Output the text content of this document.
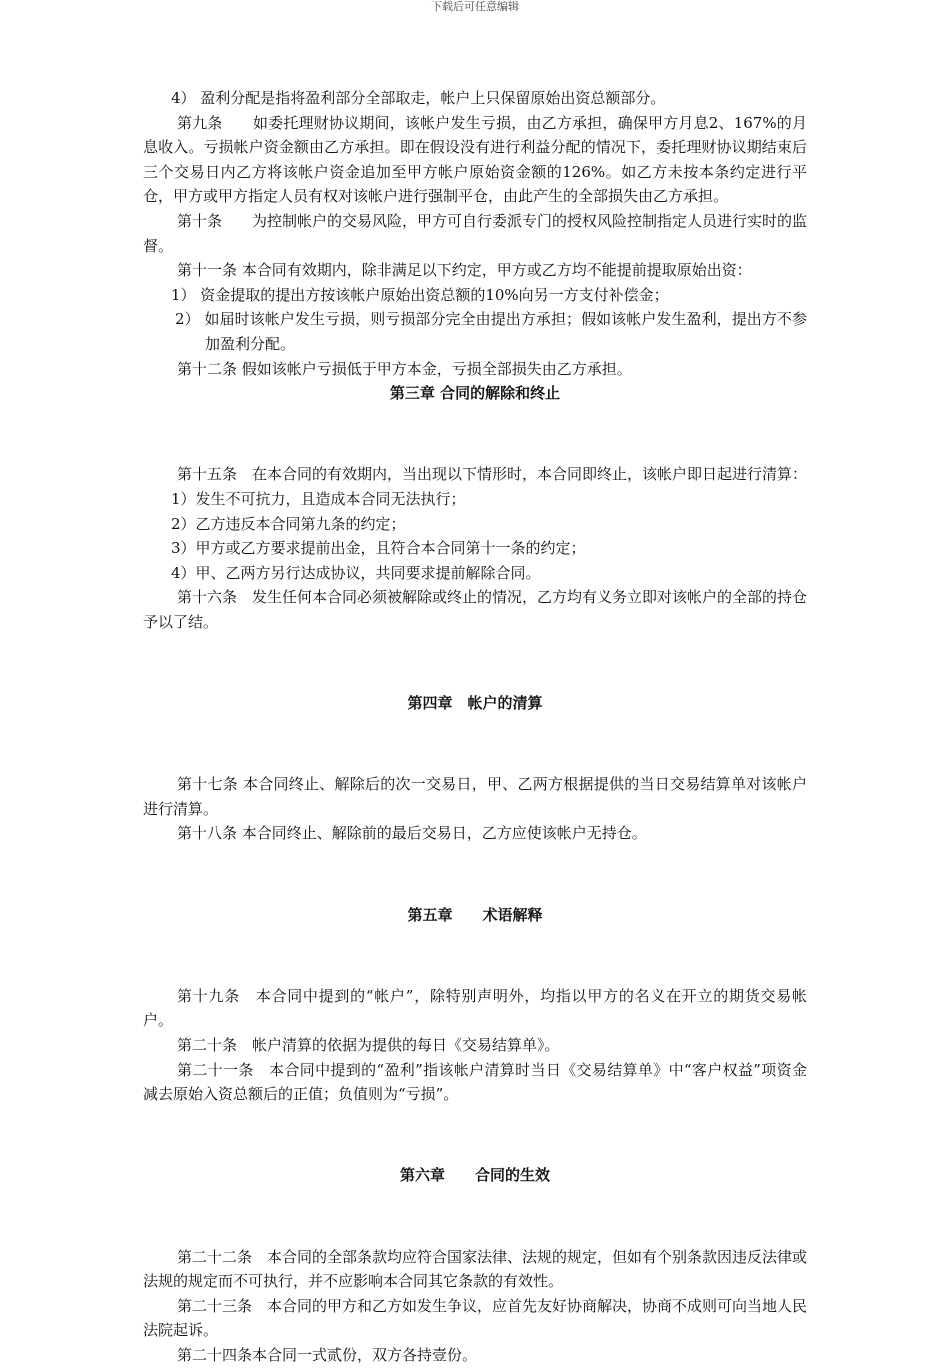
下载后可任意编辑

4） 盈利分配是指将盈利部分全部取走，帐户上只保留原始出资总额部分。

第九条　　如委托理财协议期间，该帐户发生亏损，由乙方承担，确保甲方月息2、167%的月息收入。亏损帐户资金额由乙方承担。即在假设没有进行利益分配的情况下，委托理财协议期结束后三个交易日内乙方将该帐户资金追加至甲方帐户原始资金额的126%。如乙方未按本条约定进行平仓，甲方或甲方指定人员有权对该帐户进行强制平仓，由此产生的全部损失由乙方承担。

第十条　　为控制帐户的交易风险，甲方可自行委派专门的授权风险控制指定人员进行实时的监督。

第十一条 本合同有效期内，除非满足以下约定，甲方或乙方均不能提前提取原始出资：

1） 资金提取的提出方按该帐户原始出资总额的10%向另一方支付补偿金；

2） 如届时该帐户发生亏损，则亏损部分完全由提出方承担；假如该帐户发生盈利，提出方不参加盈利分配。

第十二条 假如该帐户亏损低于甲方本金，亏损全部损失由乙方承担。

第三章 合同的解除和终止

第十五条　在本合同的有效期内，当出现以下情形时，本合同即终止，该帐户即日起进行清算：

1）发生不可抗力，且造成本合同无法执行；

2）乙方违反本合同第九条的约定；

3）甲方或乙方要求提前出金，且符合本合同第十一条的约定；

4）甲、乙两方另行达成协议，共同要求提前解除合同。

第十六条　发生任何本合同必须被解除或终止的情况，乙方均有义务立即对该帐户的全部的持仓予以了结。

第四章　帐户的清算

第十七条 本合同终止、解除后的次一交易日，甲、乙两方根据提供的当日交易结算单对该帐户进行清算。

第十八条 本合同终止、解除前的最后交易日，乙方应使该帐户无持仓。

第五章　　术语解释

第十九条　本合同中提到的“帐户”，除特别声明外，均指以甲方的名义在开立的期货交易帐户。

第二十条　帐户清算的依据为提供的每日《交易结算单》。

第二十一条　本合同中提到的“盈利”指该帐户清算时当日《交易结算单》中“客户权益”项资金减去原始入资总额后的正值；负值则为“亏损”。

第六章　　合同的生效

第二十二条　本合同的全部条款均应符合国家法律、法规的规定，但如有个别条款因违反法律或法规的规定而不可执行，并不应影响本合同其它条款的有效性。

第二十三条　本合同的甲方和乙方如发生争议，应首先友好协商解决，协商不成则可向当地人民法院起诉。

第二十四条本合同一式贰份，双方各持壹份。
